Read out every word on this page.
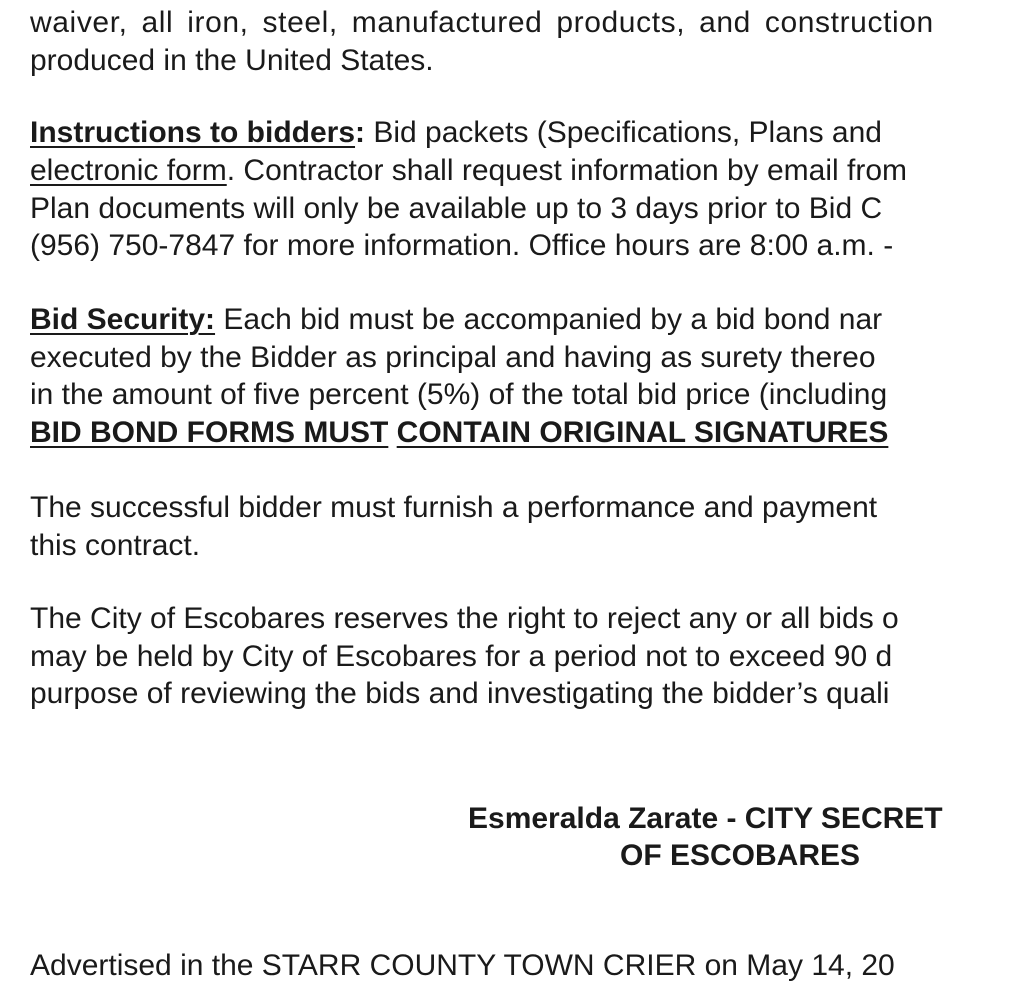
waiver, all iron, steel, manufactured products, and construction
produced in the United States.
Instructions to bidders: Bid packets (Specifications, Plans and
electronic form. Contractor shall request information by email from
Plan documents will only be available up to 3 days prior to Bid C
(956) 750-7847 for more information. Office hours are 8:00 a.m. -
Bid Security: Each bid must be accompanied by a bid bond nar
executed by the Bidder as principal and having as surety thereo
in the amount of five percent (5%) of the total bid price (including
BID BOND FORMS MUST CONTAIN ORIGINAL SIGNATURES
The successful bidder must furnish a performance and payment
this contract.
The City of Escobares reserves the right to reject any or all bids o
may be held by City of Escobares for a period not to exceed 90 d
purpose of reviewing the bids and investigating the bidder’s quali
Esmeralda Zarate - CITY SECRET
OF ESCOBARES
Advertised in the STARR COUNTY TOWN CRIER on May 14, 20
